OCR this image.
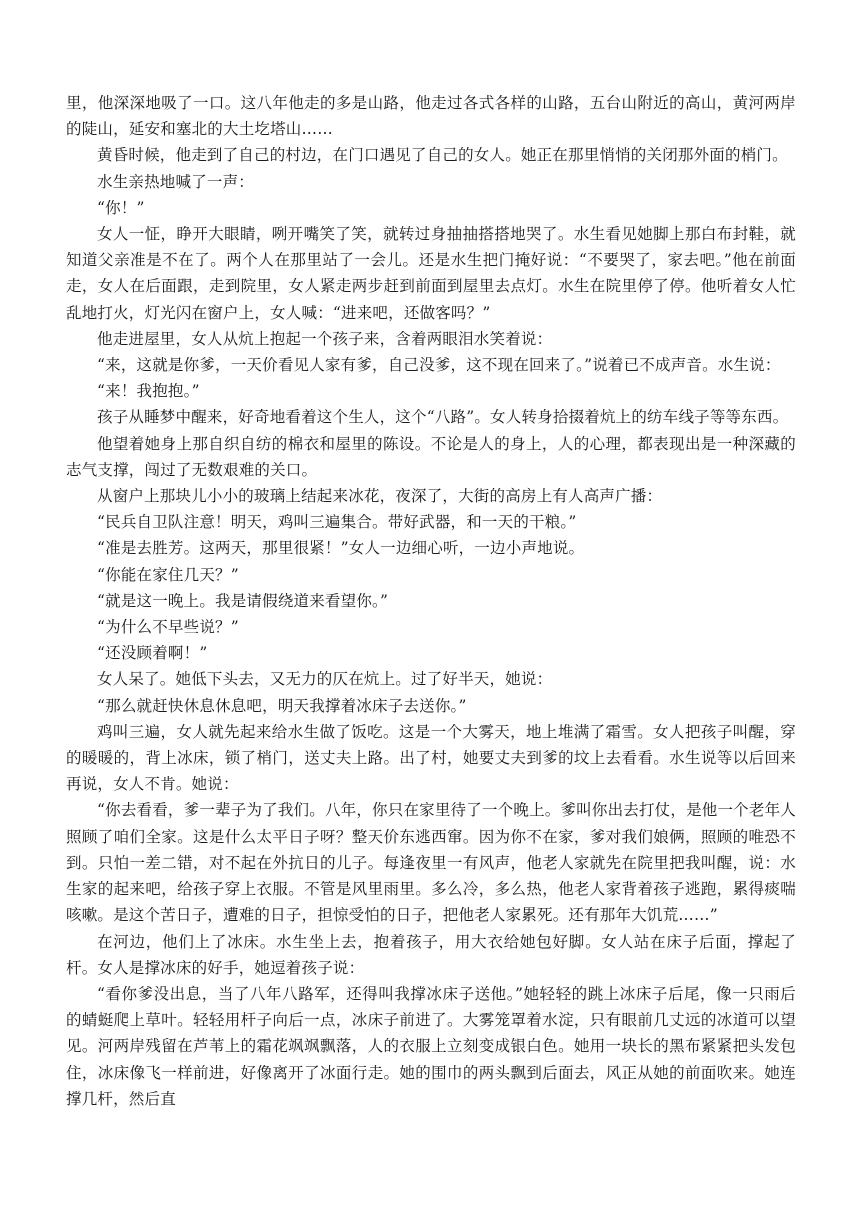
里，他深深地吸了一口。这八年他走的多是山路，他走过各式各样的山路，五台山附近的高山，黄河两岸的陡山，延安和塞北的大土圪塔山……

黄昏时候，他走到了自己的村边，在门口遇见了自己的女人。她正在那里悄悄的关闭那外面的梢门。

水生亲热地喊了一声：

“你！”

女人一怔，睁开大眼睛，咧开嘴笑了笑，就转过身抽抽搭搭地哭了。水生看见她脚上那白布封鞋，就知道父亲准是不在了。两个人在那里站了一会儿。还是水生把门掩好说：“不要哭了，家去吧。”他在前面走，女人在后面跟，走到院里，女人紧走两步赶到前面到屋里去点灯。水生在院里停了停。他听着女人忙乱地打火，灯光闪在窗户上，女人喊：“进来吧，还做客吗？”

他走进屋里，女人从炕上抱起一个孩子来，含着两眼泪水笑着说：

“来，这就是你爹，一天价看见人家有爹，自己没爹，这不现在回来了。”说着已不成声音。水生说：

“来！我抱抱。”

孩子从睡梦中醒来，好奇地看着这个生人，这个“八路”。女人转身拾掇着炕上的纺车线子等等东西。

他望着她身上那自织自纺的棉衣和屋里的陈设。不论是人的身上，人的心理，都表现出是一种深藏的志气支撑，闯过了无数艰难的关口。

从窗户上那块儿小小的玻璃上结起来冰花，夜深了，大街的高房上有人高声广播：

“民兵自卫队注意！明天，鸡叫三遍集合。带好武器，和一天的干粮。”

“准是去胜芳。这两天，那里很紧！”女人一边细心听，一边小声地说。

“你能在家住几天？”

“就是这一晚上。我是请假绕道来看望你。”

“为什么不早些说？”

“还没顾着啊！”

女人呆了。她低下头去，又无力的仄在炕上。过了好半天，她说：

“那么就赶快休息休息吧，明天我撑着冰床子去送你。”

鸡叫三遍，女人就先起来给水生做了饭吃。这是一个大雾天，地上堆满了霜雪。女人把孩子叫醒，穿的暖暖的，背上冰床，锁了梢门，送丈夫上路。出了村，她要丈夫到爹的坟上去看看。水生说等以后回来再说，女人不肯。她说：

“你去看看，爹一辈子为了我们。八年，你只在家里待了一个晚上。爹叫你出去打仗，是他一个老年人照顾了咱们全家。这是什么太平日子呀？整天价东逃西窜。因为你不在家，爹对我们娘俩，照顾的唯恐不到。只怕一差二错，对不起在外抗日的儿子。每逢夜里一有风声，他老人家就先在院里把我叫醒，说：水生家的起来吧，给孩子穿上衣服。不管是风里雨里。多么冷，多么热，他老人家背着孩子逃跑，累得痰喘咳嗽。是这个苦日子，遭难的日子，担惊受怕的日子，把他老人家累死。还有那年大饥荒……”

在河边，他们上了冰床。水生坐上去，抱着孩子，用大衣给她包好脚。女人站在床子后面，撑起了杆。女人是撑冰床的好手，她逗着孩子说：

“看你爹没出息，当了八年八路军，还得叫我撑冰床子送他。”她轻轻的跳上冰床子后尾，像一只雨后的蜻蜓爬上草叶。轻轻用杆子向后一点，冰床子前进了。大雾笼罩着水淀，只有眼前几丈远的冰道可以望见。河两岸残留在芦苇上的霜花飒飒飘落，人的衣服上立刻变成银白色。她用一块长的黑布紧紧把头发包住，冰床像飞一样前进，好像离开了冰面行走。她的围巾的两头飘到后面去，风正从她的前面吹来。她连撑几杆，然后直
